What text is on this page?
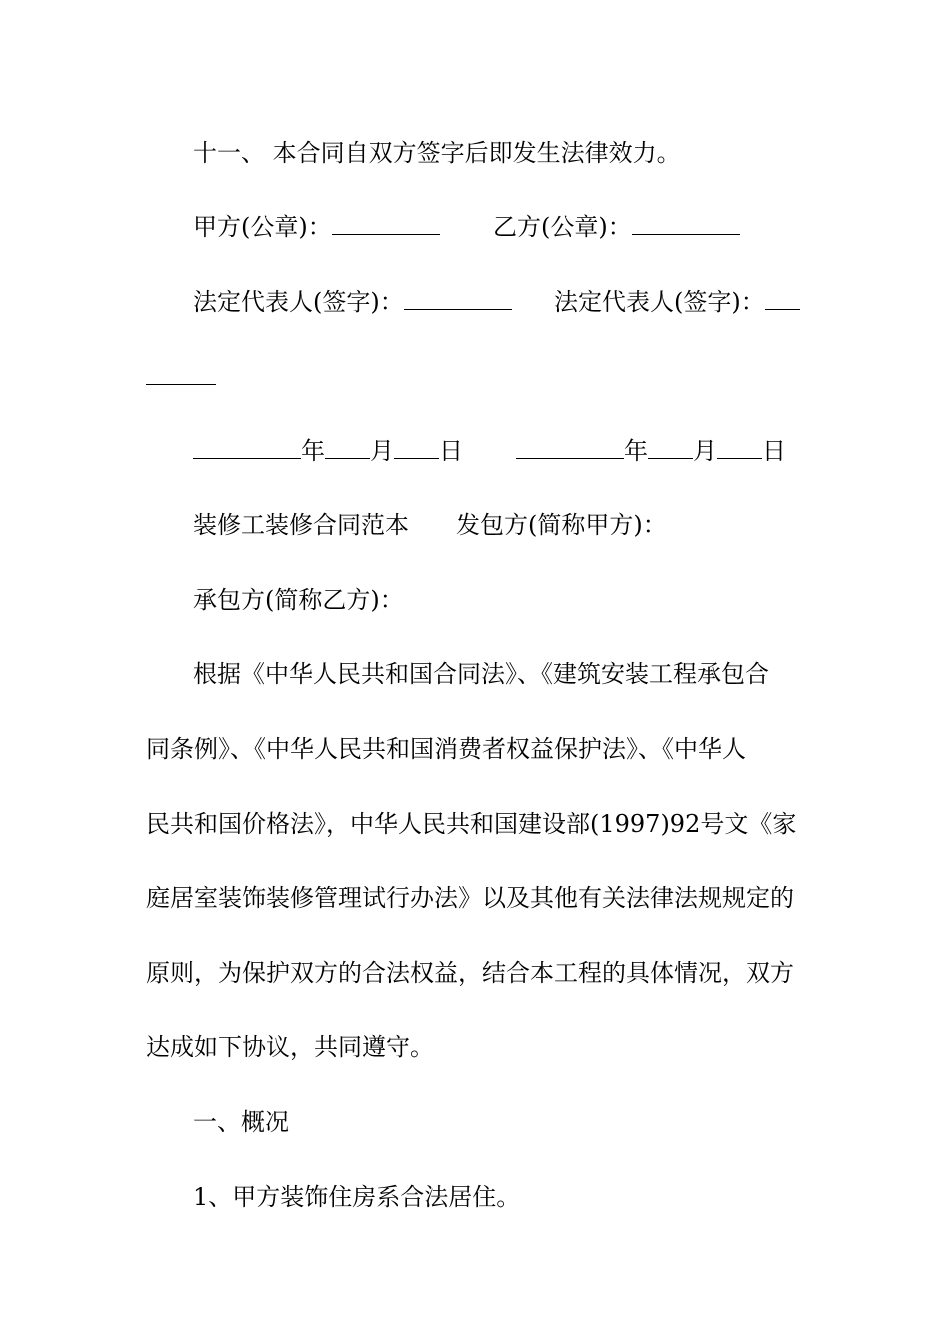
十一、 本合同自双方签字后即发生法律效力。
甲方(公章)：	乙方(公章)：
法定代表人(签字)：	法定代表人(签字)：
年 月 日	年 月 日
装修工装修合同范本 发包方(简称甲方)：
承包方(简称乙方)：
根据《中华人民共和国合同法》、《建筑安装工程承包合
同条例》、《中华人民共和国消费者权益保护法》、《中华人
民共和国价格法》，中华人民共和国建设部(1997)92号文《家
庭居室装饰装修管理试行办法》以及其他有关法律法规规定的
原则，为保护双方的合法权益，结合本工程的具体情况，双方
达成如下协议，共同遵守。
一、概况
1、甲方装饰住房系合法居住。
